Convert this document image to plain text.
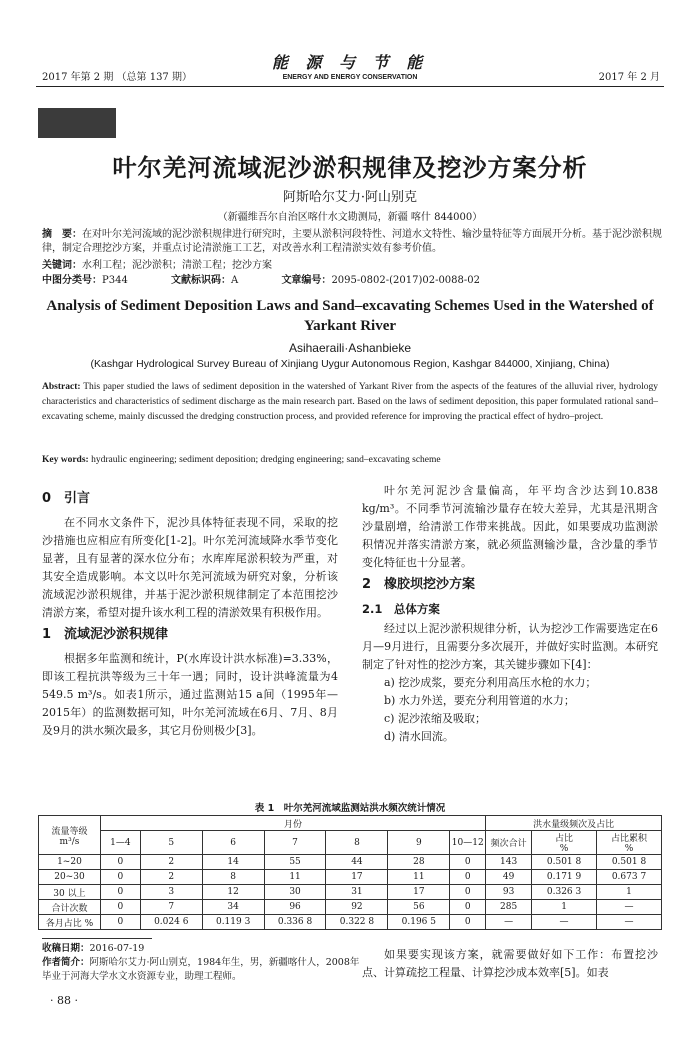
2017 年第 2 期 （总第 137 期）
能 源 与 节 能
ENERGY AND ENERGY CONSERVATION	2017 年 2 月
叶尔羌河流域泥沙淤积规律及挖沙方案分析
阿斯哈尔艾力·阿山别克
（新疆维吾尔自治区喀什水文勘测局，新疆 喀什 844000）
摘　要：在对叶尔羌河流域的泥沙淤积规律进行研究时，主要从淤积河段特性、河道水文特性、输沙量特征等方面展开分析。基于泥沙淤积规律，制定合理挖沙方案，并重点讨论清淤施工工艺，对改善水利工程清淤实效有参考价值。
关键词：水利工程；泥沙淤积；清淤工程；挖沙方案
中图分类号：P344	文献标识码：A	文章编号：2095-0802-(2017)02-0088-02
Analysis of Sediment Deposition Laws and Sand–excavating Schemes Used in the Watershed of Yarkant River
Asihaeraili·Ashanbieke
(Kashgar Hydrological Survey Bureau of Xinjiang Uygur Autonomous Region, Kashgar 844000, Xinjiang, China)
Abstract: This paper studied the laws of sediment deposition in the watershed of Yarkant River from the aspects of the features of the alluvial river, hydrology characteristics and characteristics of sediment discharge as the main research part. Based on the laws of sediment deposition, this paper formulated rational sand–excavating scheme, mainly discussed the dredging construction process, and provided reference for improving the practical effect of hydro–project.
Key words: hydraulic engineering; sediment deposition; dredging engineering; sand–excavating scheme
0　引言

在不同水文条件下，泥沙具体特征表现不同，采取的挖沙措施也应相应有所变化[1-2]。叶尔羌河流域降水季节变化显著，且有显著的深水位分布；水库库尾淤积较为严重，对其安全造成影响。本文以叶尔羌河流域为研究对象，分析该流域泥沙淤积规律，并基于泥沙淤积规律制定了本范围挖沙清淤方案，希望对提升该水利工程的清淤效果有积极作用。

1　流域泥沙淤积规律

根据多年监测和统计，P(水库设计洪水标准)=3.33%，即该工程抗洪等级为三十年一遇；同时，设计洪峰流量为4 549.5 m³/s。如表1所示，通过监测站15 a间（1995年—2015年）的监测数据可知，叶尔羌河流域在6月、7月、8月及9月的洪水频次最多，其它月份则极少[3]。

叶尔羌河泥沙含量偏高，年平均含沙达到10.838 kg/m³。不同季节河流输沙量存在较大差异，尤其是汛期含沙量剧增，给清淤工作带来挑战。因此，如果要成功监测淤积情况并落实清淤方案，就必须监测输沙量，含沙量的季节变化特征也十分显著。

2　橡胶坝挖沙方案
2.1　总体方案

经过以上泥沙淤积规律分析，认为挖沙工作需要选定在6月—9月进行，且需要分多次展开，并做好实时监测。本研究制定了针对性的挖沙方案，其关键步骤如下[4]：

a) 挖沙成浆，要充分利用高压水枪的水力；

b) 水力外送，要充分利用管道的水力；

c) 泥沙浓缩及吸取；

d) 清水回流。

表 1　叶尔羌河流域监测站洪水频次统计情况
流量等级
m³/s	月份							洪水量级频次及占比		
	1—4	5	6	7	8	9	10—12	频次合计	占比
%	占比累积
%
1~20	0	2	14	55	44	28	0	143	0.501 8	0.501 8
20~30	0	2	8	11	17	11	0	49	0.171 9	0.673 7
30 以上	0	3	12	30	31	17	0	93	0.326 3	1
合计次数	0	7	34	96	92	56	0	285	1	—
各月占比 %	0	0.024 6	0.119 3	0.336 8	0.322 8	0.196 5	0	—	—	—

如果要实现该方案，就需要做好如下工作：布置挖沙点、计算疏挖工程量、计算挖沙成本效率[5]。如表

收稿日期：2016-07-19
作者简介：阿斯哈尔艾力·阿山别克，1984年生，男，新疆喀什人，2008年毕业于河海大学水文水资源专业，助理工程师。
· 88 ·
